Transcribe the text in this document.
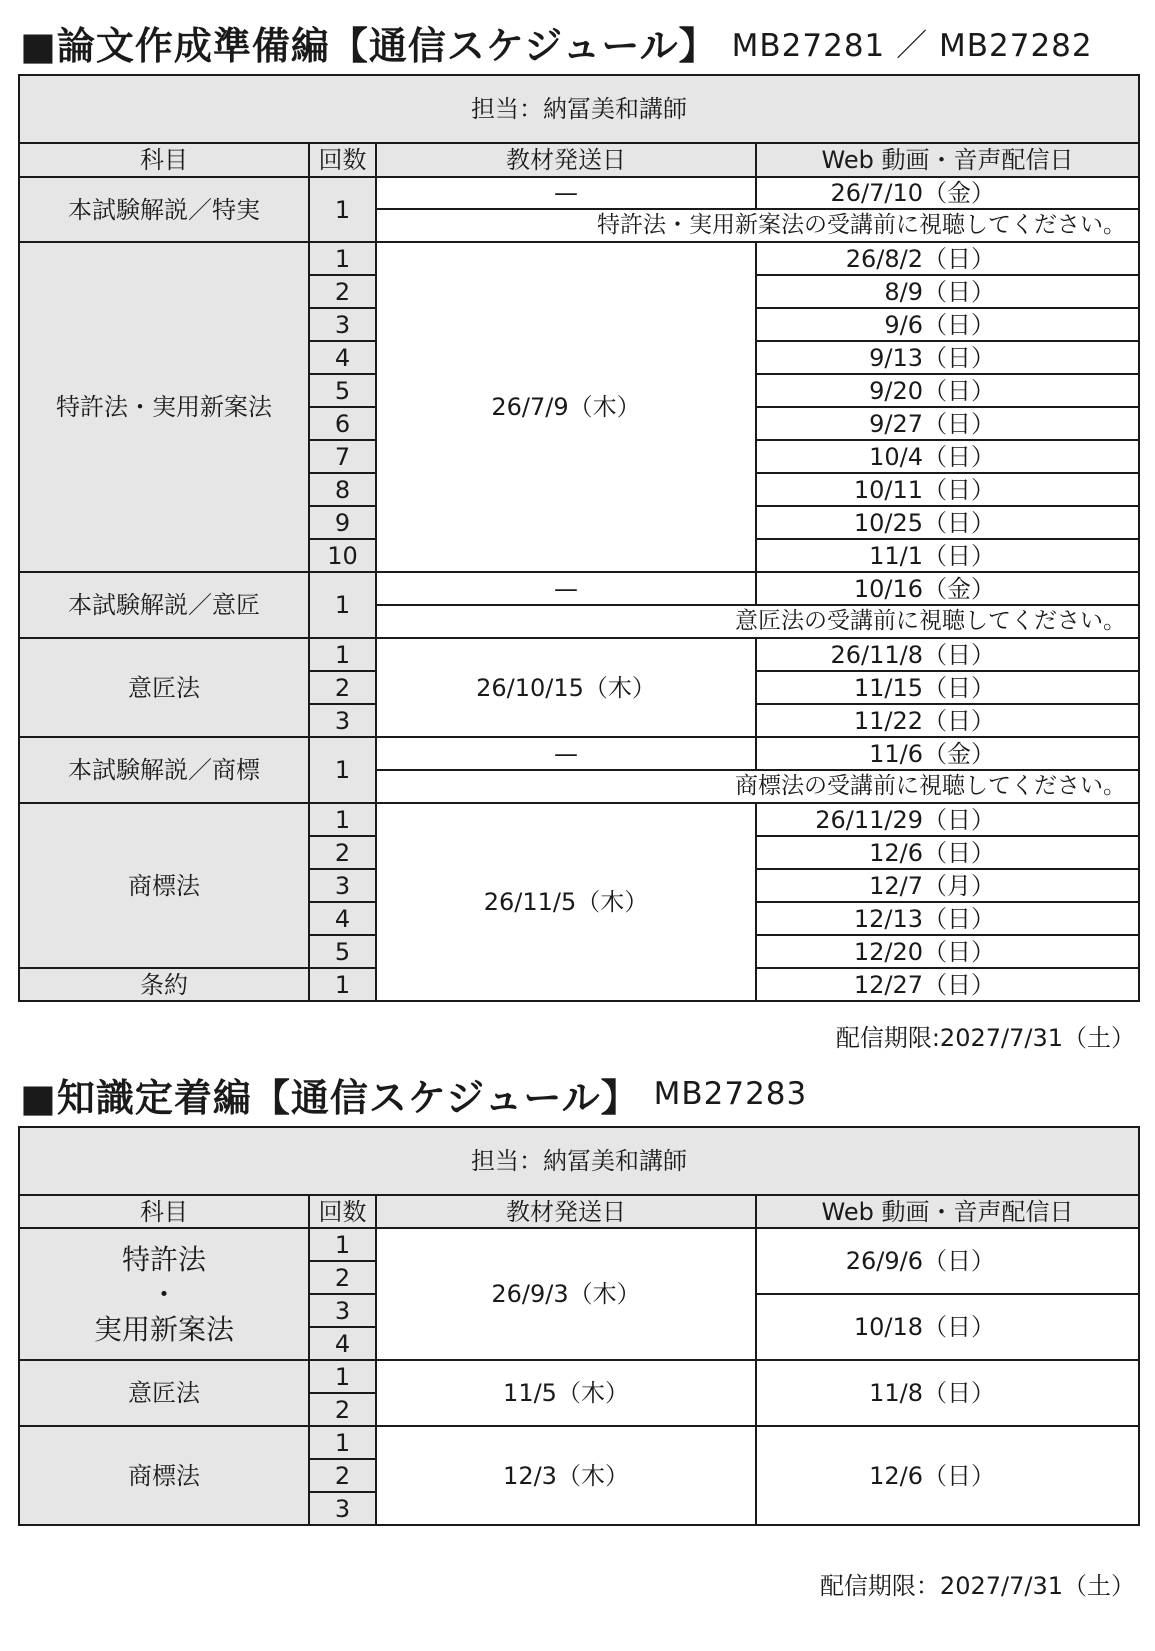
■論文作成準備編【通信スケジュール】 MB27281 ／ MB27282
担当：納冨美和講師			
科目	回数	教材発送日	Web 動画・音声配信日
本試験解説／特実	1	—	26/7/10（金）
		特許法・実用新案法の受講前に視聴してください。	
特許法・実用新案法	1	26/7/9（木）	26/8/2（日）
	2		8/9（日）
	3		9/6（日）
	4		9/13（日）
	5		9/20（日）
	6		9/27（日）
	7		10/4（日）
	8		10/11（日）
	9		10/25（日）
	10		11/1（日）
本試験解説／意匠	1	—	10/16（金）
		意匠法の受講前に視聴してください。	
意匠法	1	26/10/15（木）	26/11/8（日）
	2		11/15（日）
	3		11/22（日）
本試験解説／商標	1	—	11/6（金）
		商標法の受講前に視聴してください。	
商標法	1	26/11/5（木）	26/11/29（日）
	2		12/6（日）
	3		12/7（月）
	4		12/13（日）
	5		12/20（日）
条約	1		12/27（日）
配信期限:2027/7/31（土）
■知識定着編【通信スケジュール】 MB27283
担当：納冨美和講師			
科目	回数	教材発送日	Web 動画・音声配信日

特許法
・
実用新案法	1	26/9/3（木）	26/9/6（日）
	2		
	3		10/18（日）
	4		
意匠法	1	11/5（木）	11/8（日）
	2		
商標法	1	12/3（木）	12/6（日）
	2		
	3		
配信期限：2027/7/31（土）
